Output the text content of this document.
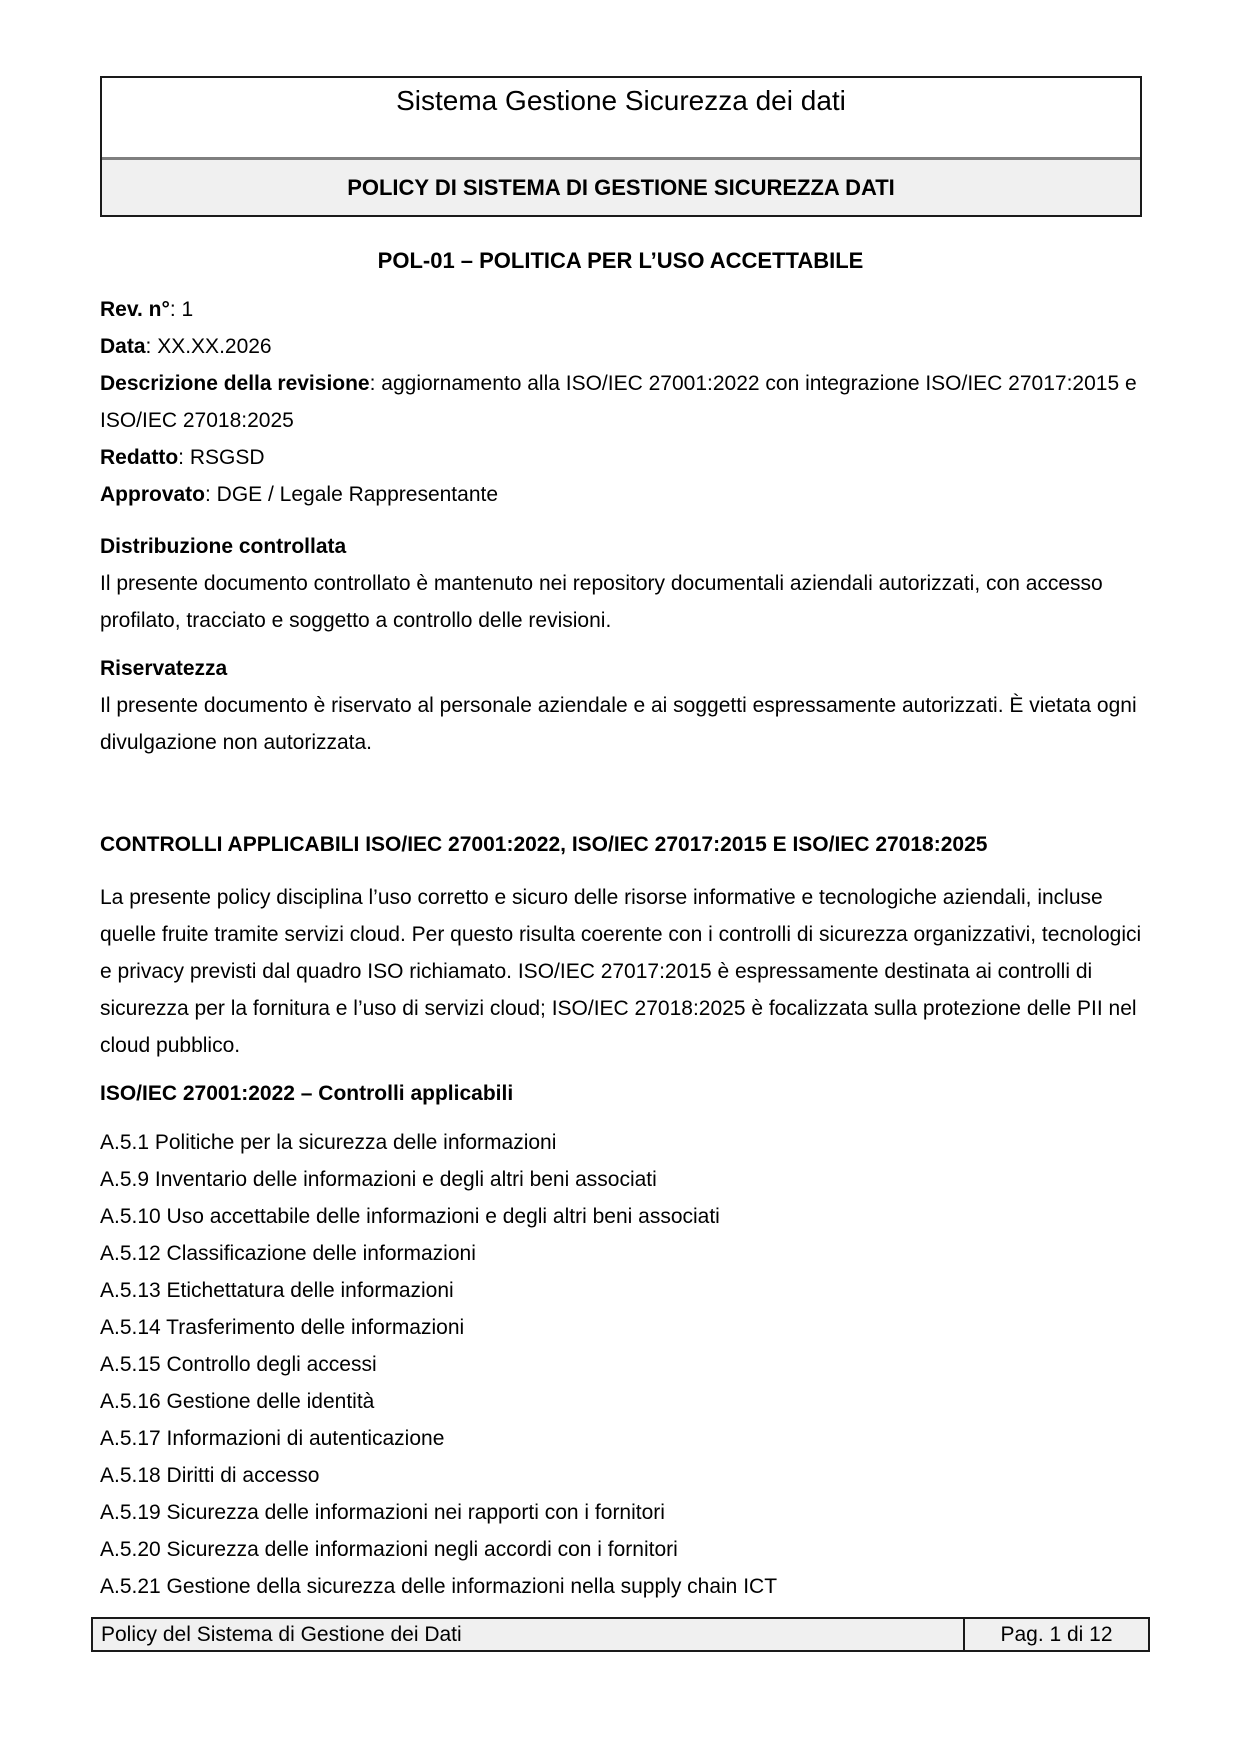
Sistema Gestione Sicurezza dei dati
POLICY DI SISTEMA DI GESTIONE SICUREZZA DATI
POL-01 – POLITICA PER L’USO ACCETTABILE
Rev. n°: 1
Data: XX.XX.2026
Descrizione della revisione: aggiornamento alla ISO/IEC 27001:2022 con integrazione ISO/IEC 27017:2015 e ISO/IEC 27018:2025
Redatto: RSGSD
Approvato: DGE / Legale Rappresentante
Distribuzione controllata
Il presente documento controllato è mantenuto nei repository documentali aziendali autorizzati, con accesso profilato, tracciato e soggetto a controllo delle revisioni.
Riservatezza
Il presente documento è riservato al personale aziendale e ai soggetti espressamente autorizzati. È vietata ogni divulgazione non autorizzata.
CONTROLLI APPLICABILI ISO/IEC 27001:2022, ISO/IEC 27017:2015 E ISO/IEC 27018:2025
La presente policy disciplina l’uso corretto e sicuro delle risorse informative e tecnologiche aziendali, incluse quelle fruite tramite servizi cloud. Per questo risulta coerente con i controlli di sicurezza organizzativi, tecnologici e privacy previsti dal quadro ISO richiamato. ISO/IEC 27017:2015 è espressamente destinata ai controlli di sicurezza per la fornitura e l’uso di servizi cloud; ISO/IEC 27018:2025 è focalizzata sulla protezione delle PII nel cloud pubblico.
ISO/IEC 27001:2022 – Controlli applicabili
A.5.1 Politiche per la sicurezza delle informazioni
A.5.9 Inventario delle informazioni e degli altri beni associati
A.5.10 Uso accettabile delle informazioni e degli altri beni associati
A.5.12 Classificazione delle informazioni
A.5.13 Etichettatura delle informazioni
A.5.14 Trasferimento delle informazioni
A.5.15 Controllo degli accessi
A.5.16 Gestione delle identità
A.5.17 Informazioni di autenticazione
A.5.18 Diritti di accesso
A.5.19 Sicurezza delle informazioni nei rapporti con i fornitori
A.5.20 Sicurezza delle informazioni negli accordi con i fornitori
A.5.21 Gestione della sicurezza delle informazioni nella supply chain ICT
Policy del Sistema di Gestione dei Dati	Pag. 1 di 12
